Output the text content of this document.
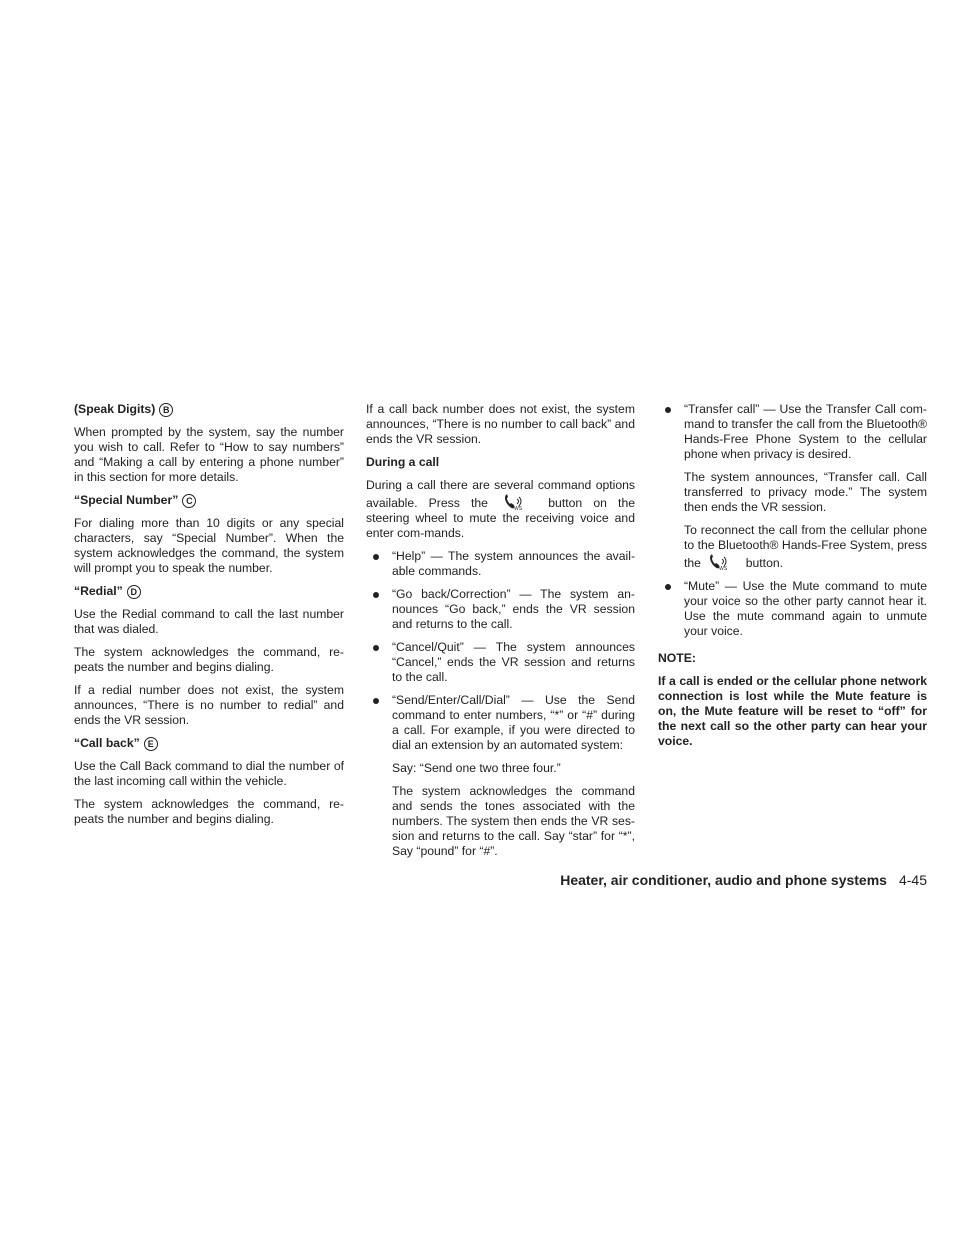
(Speak Digits) B

When prompted by the system, say the number you wish to call. Refer to “How to say numbers” and “Making a call by entering a phone number” in this section for more details.

“Special Number” C

For dialing more than 10 digits or any special characters, say “Special Number”. When the system acknowledges the command, the system will prompt you to speak the number.

“Redial” D

Use the Redial command to call the last number that was dialed.

The system acknowledges the command, re-peats the number and begins dialing.

If a redial number does not exist, the system announces, “There is no number to redial” and ends the VR session.

“Call back” E

Use the Call Back command to dial the number of the last incoming call within the vehicle.

The system acknowledges the command, re-peats the number and begins dialing.

If a call back number does not exist, the system announces, “There is no number to call back” and ends the VR session.

During a call

During a call there are several command options available. Press the	WS button on the steering wheel to mute the receiving voice and enter com-mands.

“Help” — The system announces the avail-able commands.

“Go back/Correction” — The system an-nounces “Go back,” ends the VR session and returns to the call.

“Cancel/Quit” — The system announces “Cancel,” ends the VR session and returns to the call.

“Send/Enter/Call/Dial” — Use the Send command to enter numbers, “*” or “#” during a call. For example, if you were directed to dial an extension by an automated system:

Say: “Send one two three four.”

The system acknowledges the command and sends the tones associated with the numbers. The system then ends the VR ses-sion and returns to the call. Say “star” for “*”, Say “pound” for “#”.

“Transfer call” — Use the Transfer Call com-mand to transfer the call from the Bluetooth® Hands-Free Phone System to the cellular phone when privacy is desired.

The system announces, “Transfer call. Call transferred to privacy mode.” The system then ends the VR session.

To reconnect the call from the cellular phone to the Bluetooth® Hands-Free System, press the	WS button.

“Mute” — Use the Mute command to mute your voice so the other party cannot hear it. Use the mute command again to unmute your voice.

NOTE:

If a call is ended or the cellular phone network connection is lost while the Mute feature is on, the Mute feature will be reset to “off” for the next call so the other party can hear your voice.

Heater, air conditioner, audio and phone systems 4-45
